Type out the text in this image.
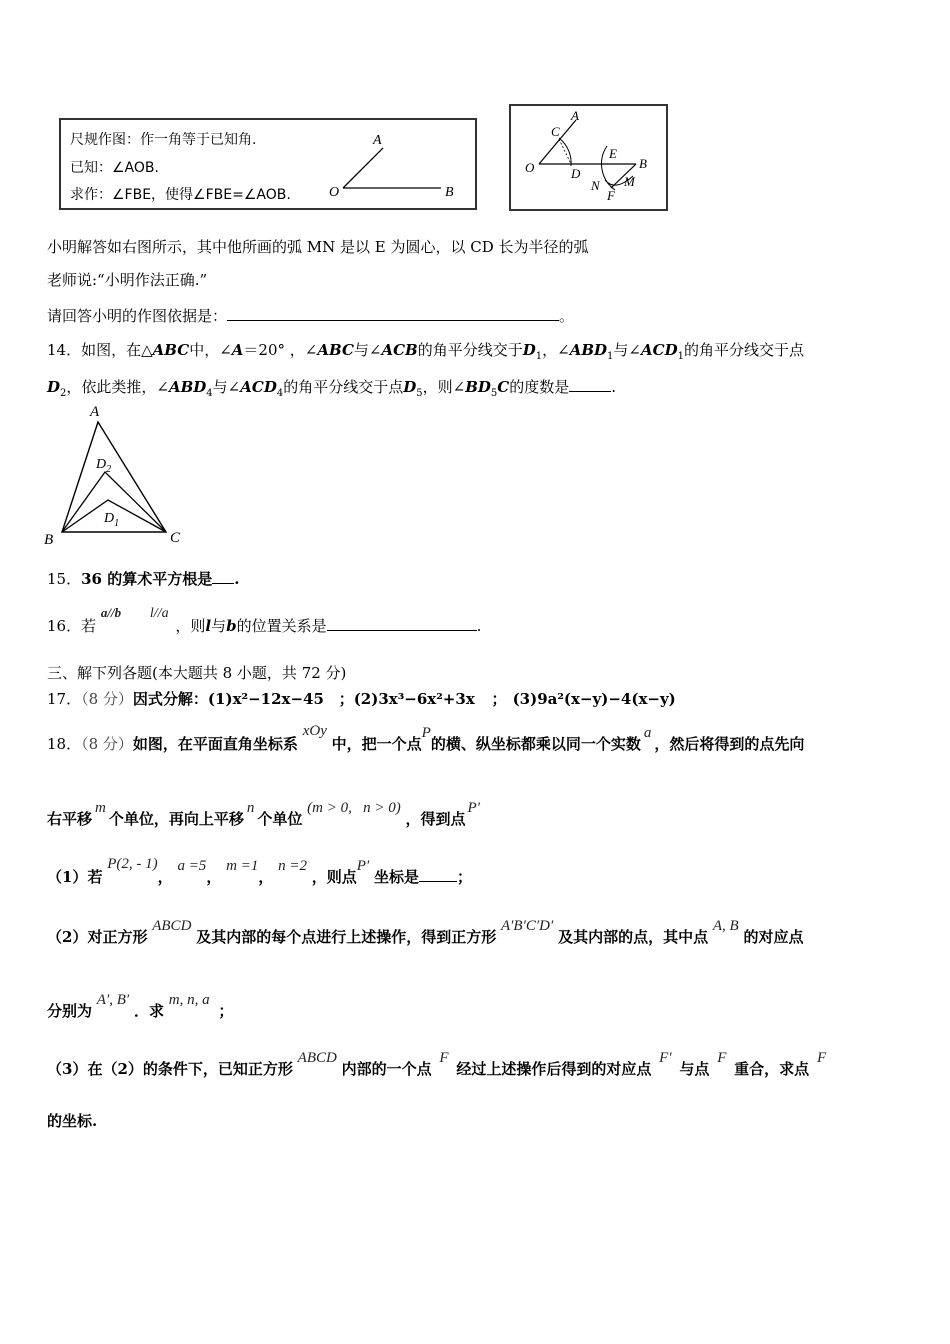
尺规作图：作一角等于已知角.
已知：∠AOB.
求作：∠FBE，使得∠FBE=∠AOB.
A
O	B
C
A
O	D
E
B
N M
F
小明解答如右图所示，其中他所画的弧 MN 是以 E 为圆心，以 CD 长为半径的弧
老师说:“小明作法正确.”
请回答小明的作图依据是：	。
14．如图，在△ABC中，∠A＝20° ，∠ABC与∠ACB的角平分线交于$D_1$，$\angle ABD_1$与$\angle ACD_1$的角平分线交于点
$D_2$，依此类推，$\angle ABD_4$与$\angle ACD_4$的角平分线交于点$D_5$，则$\angle BD_5C$的度数是	.
A
B	C
$D_2$
$D_1$
15．36 的算术平方根是 .
16．若 a//b l//a ，则l与b的位置关系是	.
三、解下列各题(本大题共 8 小题，共 72 分)
17．（8 分）因式分解：(1)x²−12x−45 ；(2)3x³−6x²+3x ； (3)9a²(x−y)−4(x−y)
18．（8 分）如图，在平面直角坐标系 xOy 中，把一个点P的横、纵坐标都乘以同一个实数a，然后将得到的点先向
右平移m个单位，再向上平移n个单位 (m > 0,   n > 0) ，得到点P′
（1）若 P(2, - 1)， a =5， m =1， n =2 ，则点P′ 坐标是	；
（2）对正方形 ABCD 及其内部的每个点进行上述操作，得到正方形 A′B′C′D′ 及其内部的点，其中点 A, B 的对应点
分别为 A′, B′ ．求 m, n, a ；
（3）在（2）的条件下，已知正方形 ABCD 内部的一个点 F 经过上述操作后得到的对应点 F′ 与点 F 重合，求点 F
的坐标.
